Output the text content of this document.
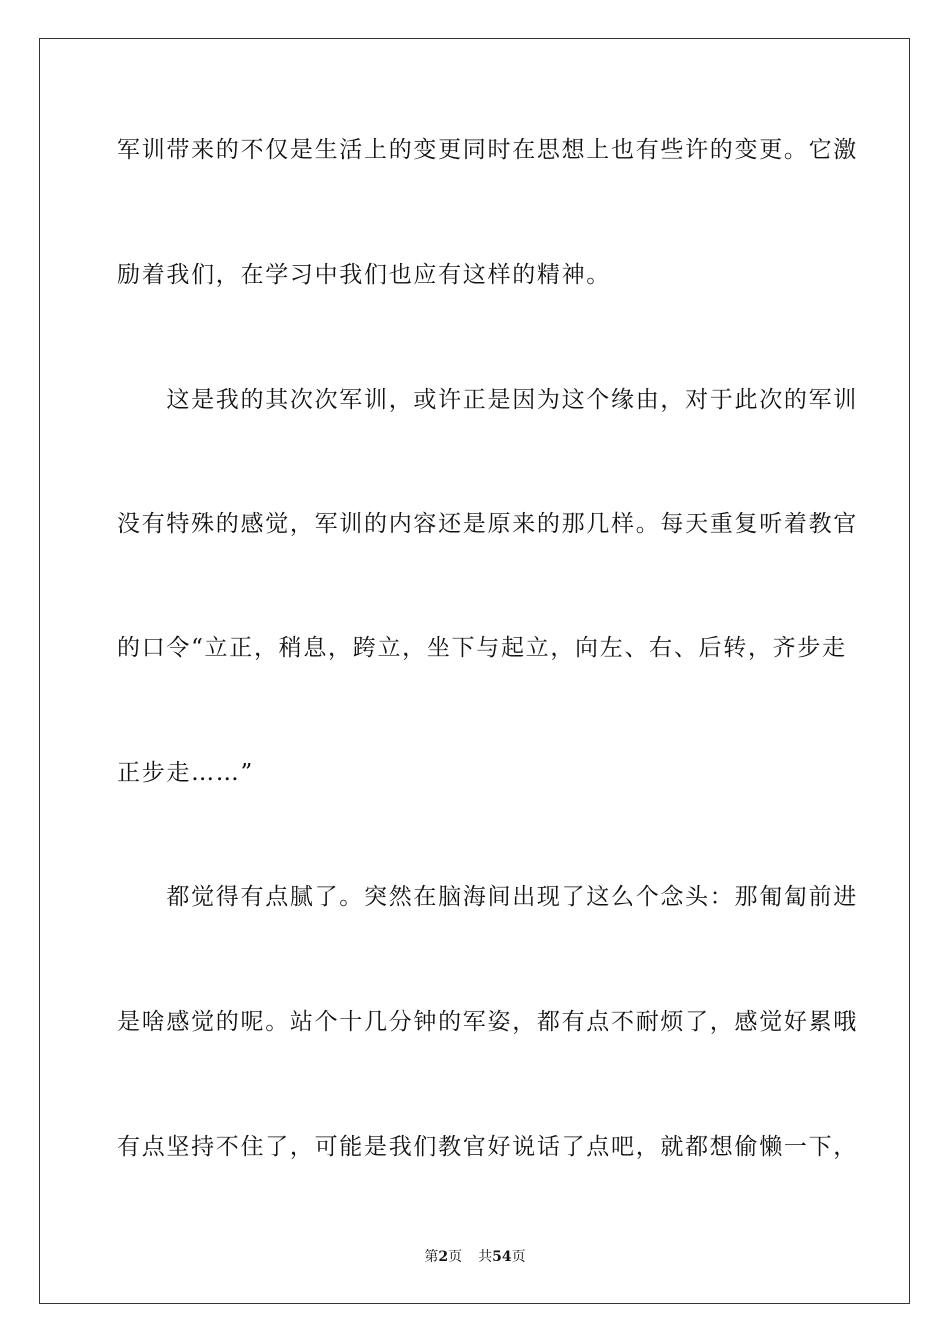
军训带来的不仅是生活上的变更同时在思想上也有些许的变更。它激
励着我们，在学习中我们也应有这样的精神。
　　这是我的其次次军训，或许正是因为这个缘由，对于此次的军训
没有特殊的感觉，军训的内容还是原来的那几样。每天重复听着教官
的口令“立正，稍息，跨立，坐下与起立，向左、右、后转，齐步走
正步走……”
　　都觉得有点腻了。突然在脑海间出现了这么个念头：那匍匐前进
是啥感觉的呢。站个十几分钟的军姿，都有点不耐烦了，感觉好累哦
有点坚持不住了，可能是我们教官好说话了点吧，就都想偷懒一下，
第2页 共54页
